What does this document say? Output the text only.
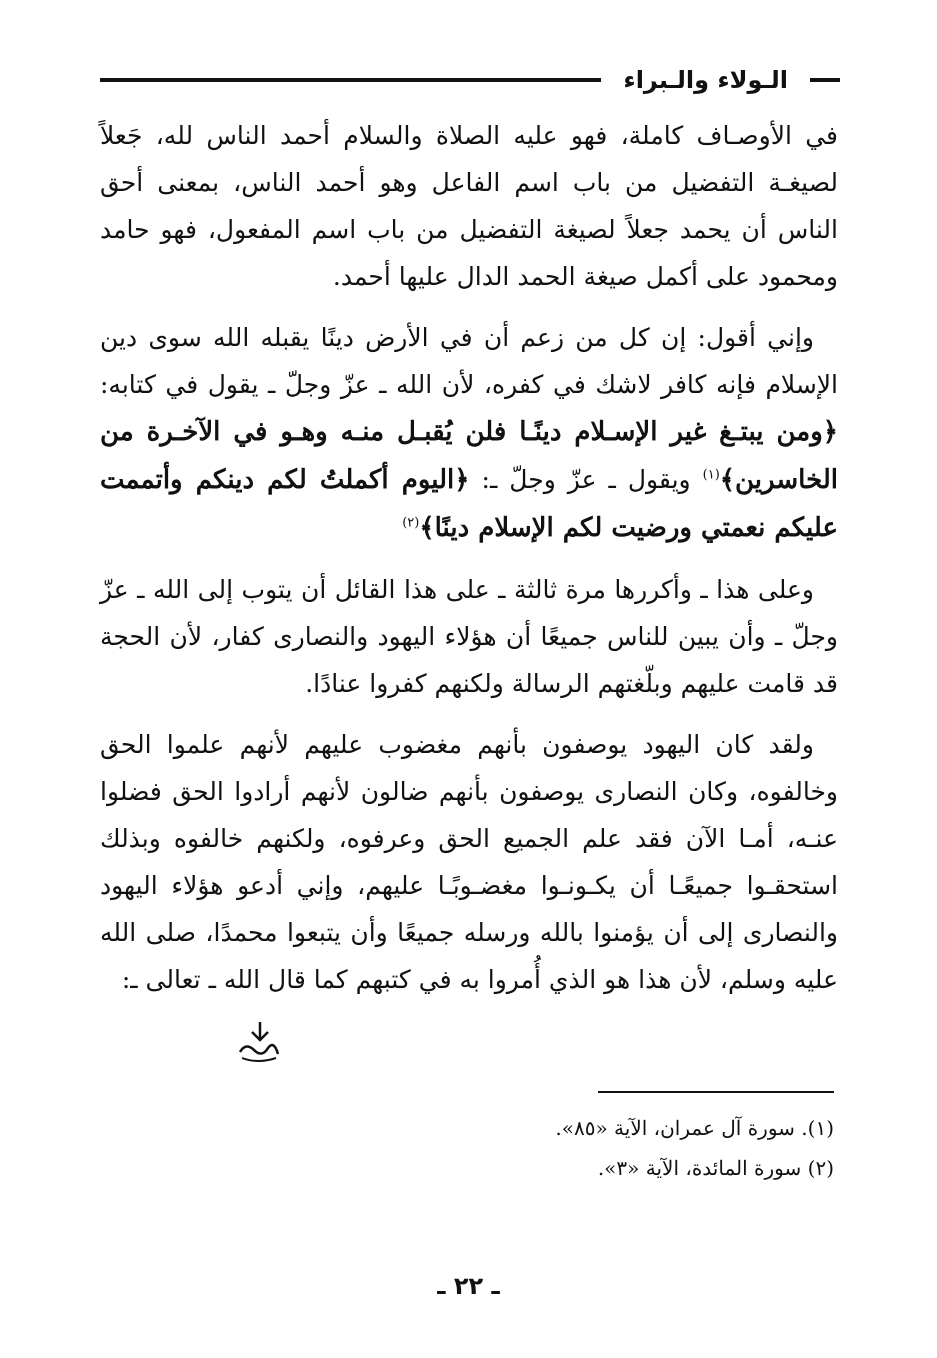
الـولاء والـبراء

في الأوصـاف كاملة، فهو عليه الصلاة والسلام أحمد الناس لله، جَعلاً لصيغـة التفضيل من باب اسم الفاعل وهو أحمد الناس، بمعنى أحق الناس أن يحمد جعلاً لصيغة التفضيل من باب اسم المفعول، فهو حامد ومحمود على أكمل صيغة الحمد الدال عليها أحمد.

وإني أقول: إن كل من زعم أن في الأرض دينًا يقبله الله سوى دين الإسلام فإنه كافر لاشك في كفره، لأن الله ـ عزّ وجلّ ـ يقول في كتابه: ﴿ومن يبتـغ غير الإسـلام دينًـا فلن يُقبـل منـه وهـو في الآخـرة من الخاسرين﴾$^{(١)}$ ويقول ـ عزّ وجلّ ـ: ﴿اليوم أكملتُ لكم دينكم وأتممت عليكم نعمتي ورضيت لكم الإسلام دينًا﴾$^{(٢)}$

وعلى هذا ـ وأكررها مرة ثالثة ـ على هذا القائل أن يتوب إلى الله ـ عزّ وجلّ ـ وأن يبين للناس جميعًا أن هؤلاء اليهود والنصارى كفار، لأن الحجة قد قامت عليهم وبلّغتهم الرسالة ولكنهم كفروا عنادًا.

ولقد كان اليهود يوصفون بأنهم مغضوب عليهم لأنهم علموا الحق وخالفوه، وكان النصارى يوصفون بأنهم ضالون لأنهم أرادوا الحق فضلوا عنـه، أمـا الآن فقد علم الجميع الحق وعرفوه، ولكنهم خالفوه وبذلك استحقـوا جميعًـا أن يكـونـوا مغضـوبًـا عليهم، وإني أدعو هؤلاء اليهود والنصارى إلى أن يؤمنوا بالله ورسله جميعًا وأن يتبعوا محمدًا، صلى الله عليه وسلم، لأن هذا هو الذي أُمروا به في كتبهم كما قال الله ـ تعالى ـ:

(١). سورة آل عمران، الآية «٨٥».

(٢) سورة المائدة، الآية «٣».

ـ ٢٢ ـ
